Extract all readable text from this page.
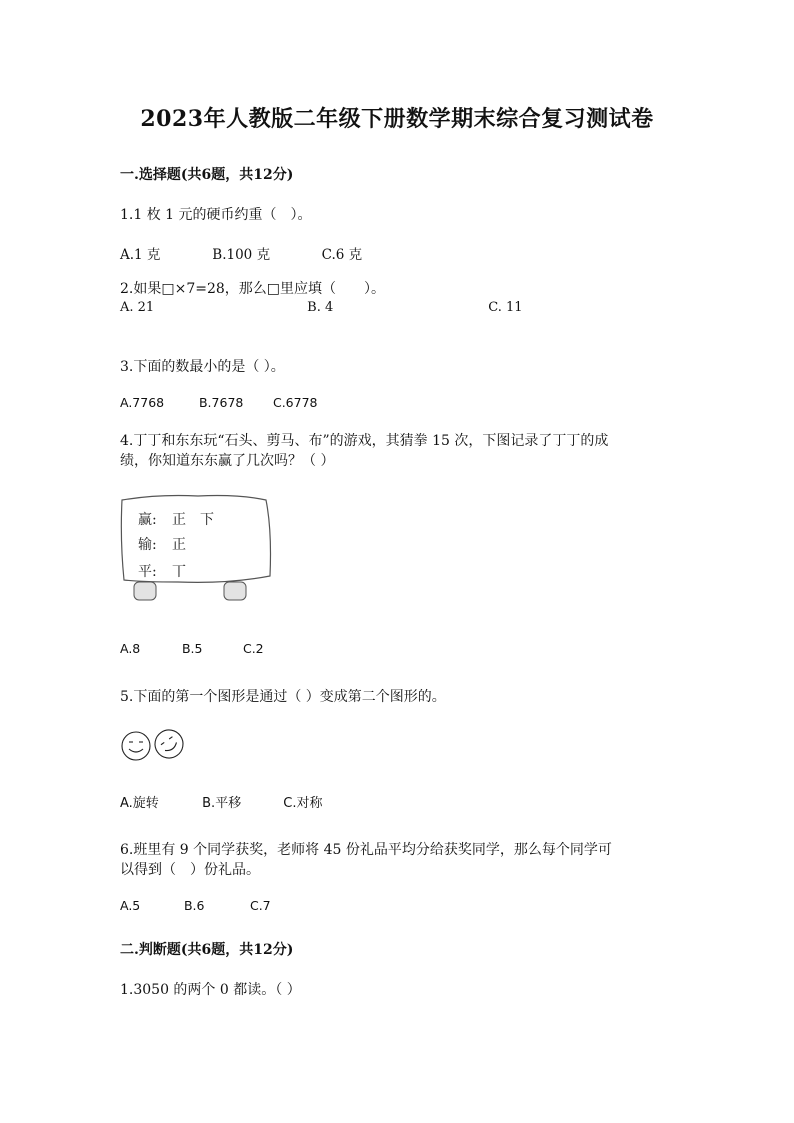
2023年人教版二年级下册数学期末综合复习测试卷
一.选择题(共6题，共12分)
1.1 枚 1 元的硬币约重（　）。
A.1 克	B.100 克	C.6 克
2.如果□×7=28，那么□里应填（　　）。
A. 21	B. 4	C. 11
3.下面的数最小的是（ ）。
A.7768	B.7678 C.6778
4.丁丁和东东玩“石头、剪马、布”的游戏，其猜拳 15 次，下图记录了丁丁的成
绩，你知道东东赢了几次吗？（ ）
赢: 正　下
输: 正
平: 丅
A.8	B.5	C.2
5.下面的第一个图形是通过（ ）变成第二个图形的。
A.旋转	B.平移	C.对称
6.班里有 9 个同学获奖，老师将 45 份礼品平均分给获奖同学，那么每个同学可
以得到（　）份礼品。
A.5	B.6	C.7
二.判断题(共6题，共12分)
1.3050 的两个 0 都读。（ ）
